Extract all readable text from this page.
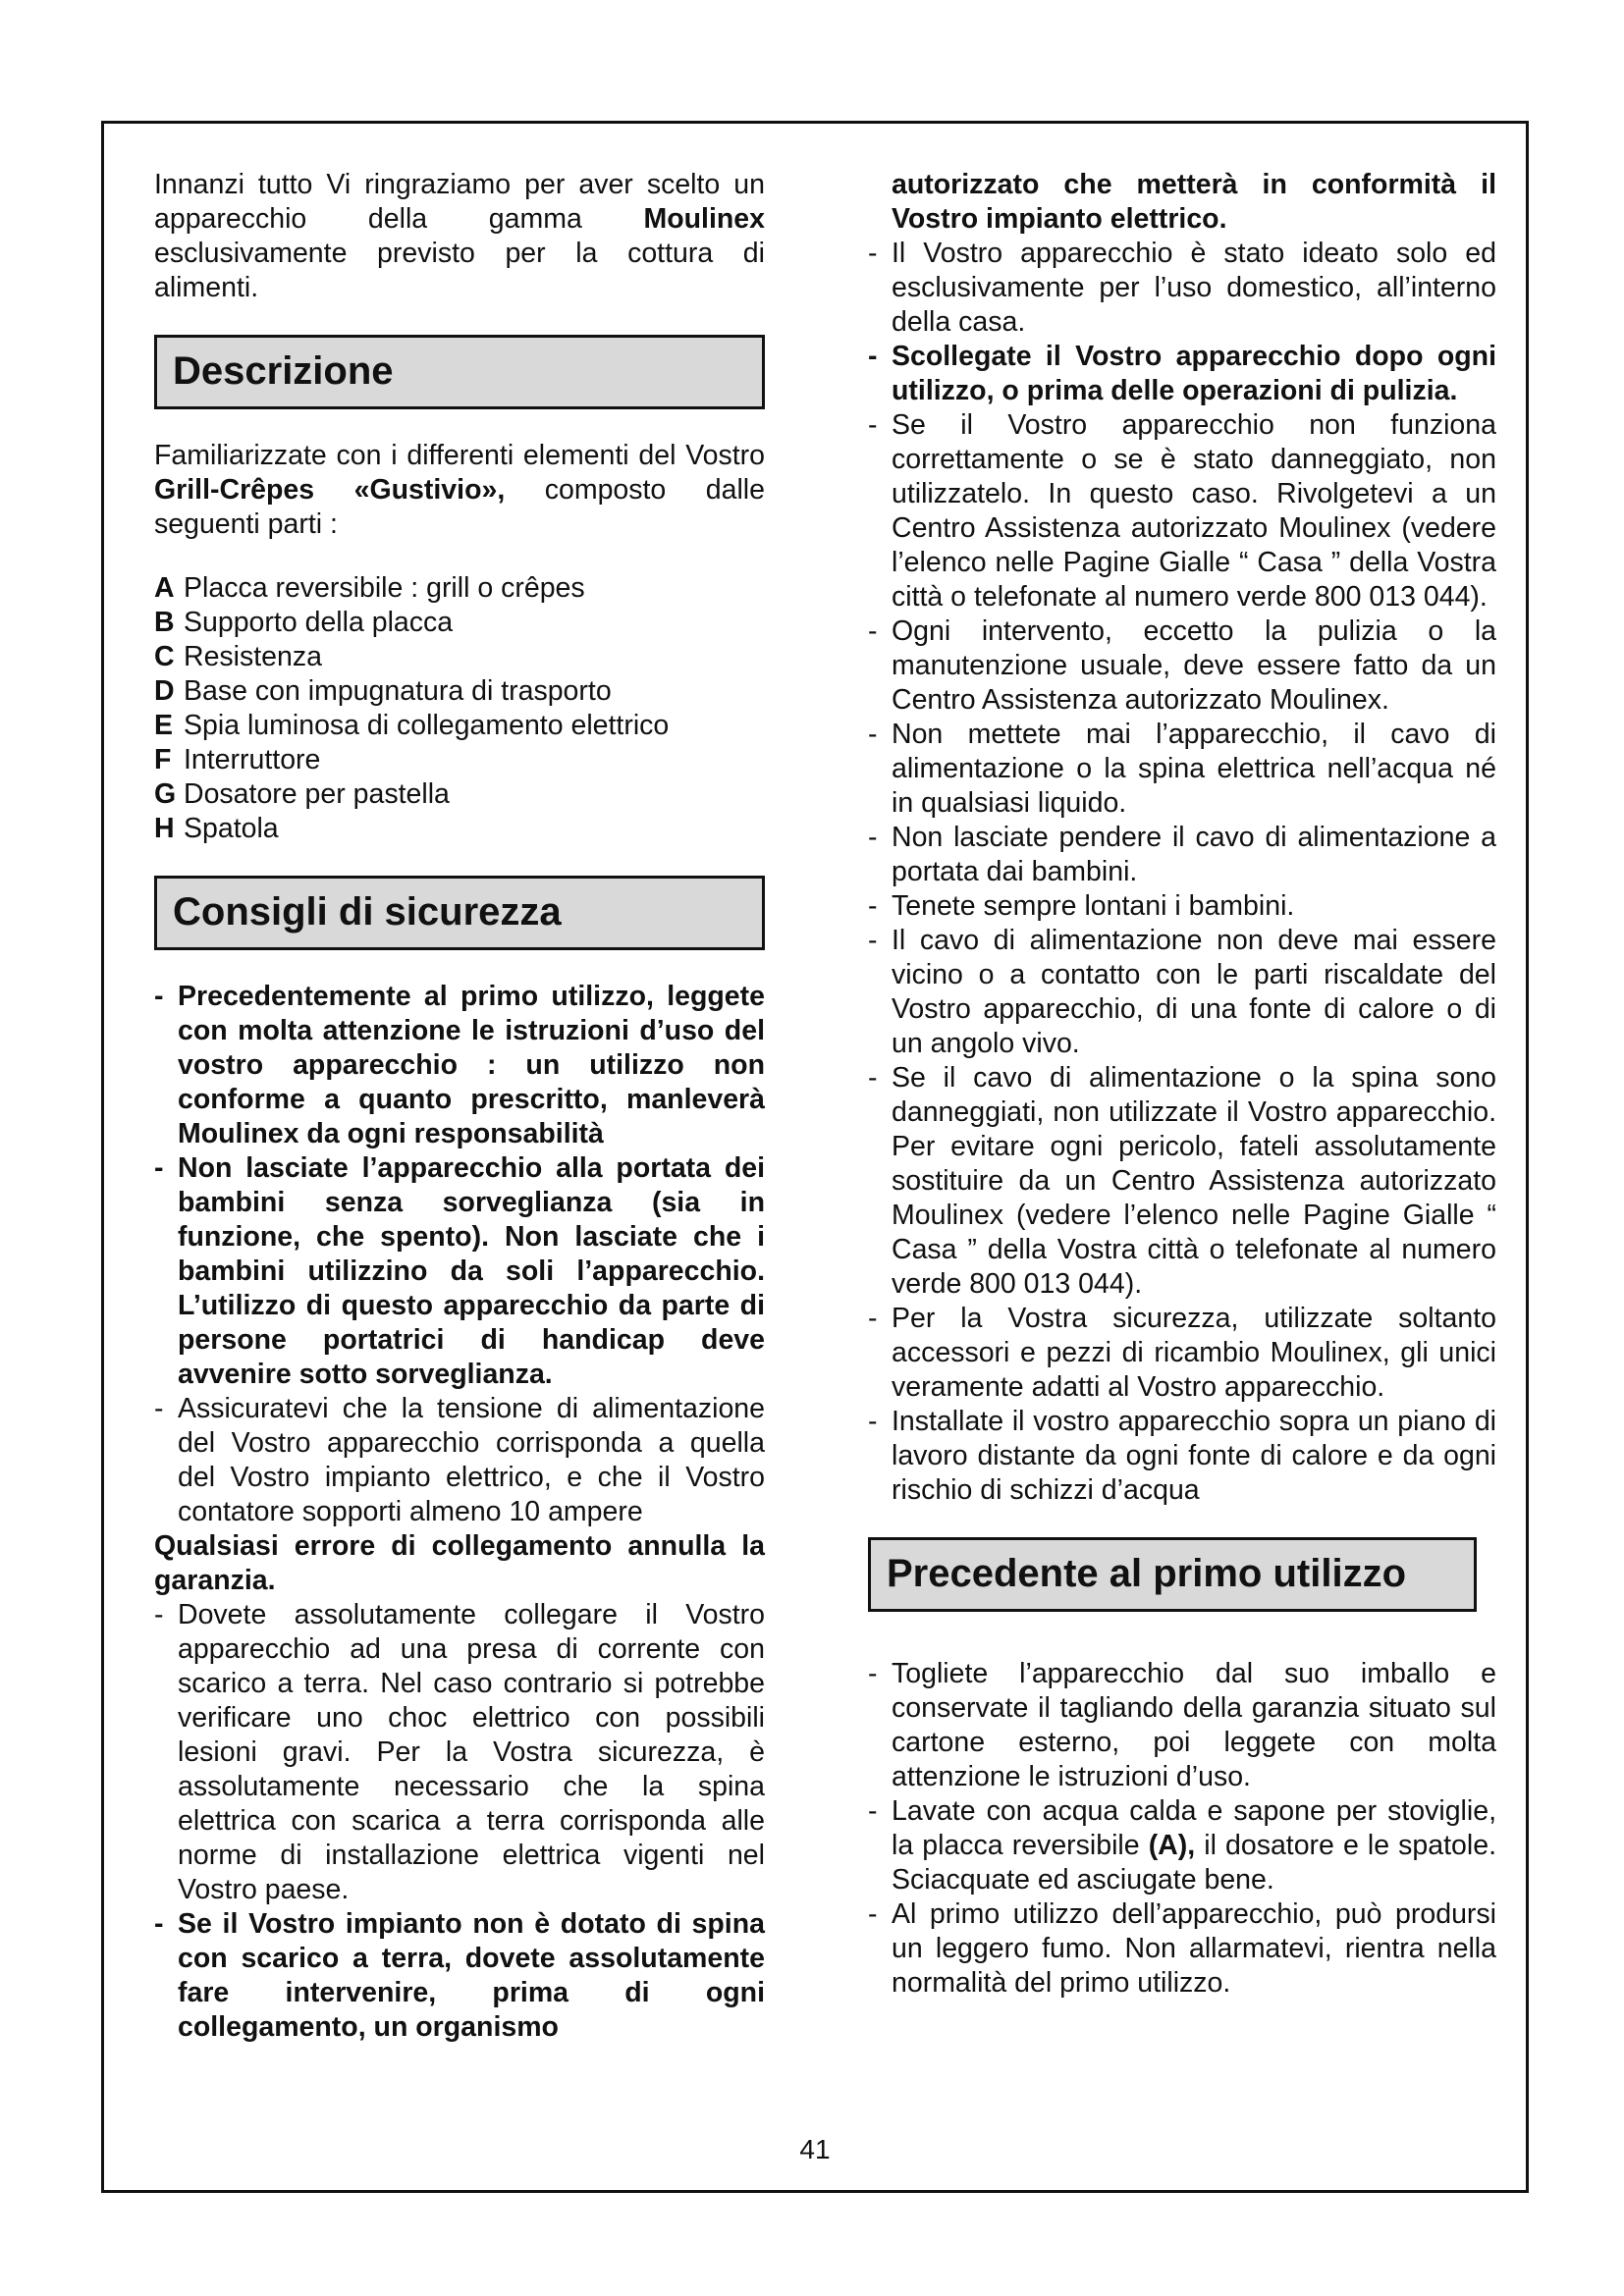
Innanzi tutto Vi ringraziamo per aver scelto un apparecchio della gamma Moulinex esclusivamente previsto per la cottura di alimenti.

Descrizione

Familiarizzate con i differenti elementi del Vostro Grill-Crêpes «Gustivio», composto dalle seguenti parti :

A Placca reversibile : grill o crêpes
B Supporto della placca
C Resistenza
D Base con impugnatura di trasporto
E Spia luminosa di collegamento elettrico
F Interruttore
G Dosatore per pastella
H Spatola
Consigli di sicurezza

- Precedentemente al primo utilizzo, leggete con molta attenzione le istruzioni d’uso del vostro apparecchio : un utilizzo non conforme a quanto prescritto, manleverà Moulinex da ogni responsabilità

- Non lasciate l’apparecchio alla portata dei bambini senza sorveglianza (sia in funzione, che spento). Non lasciate che i bambini utilizzino da soli l’apparecchio. L’utilizzo di questo apparecchio da parte di persone portatrici di handicap deve avvenire sotto sorveglianza.

- Assicuratevi che la tensione di alimentazione del Vostro apparecchio corrisponda a quella del Vostro impianto elettrico, e che il Vostro contatore sopporti almeno 10 ampere

Qualsiasi errore di collegamento annulla la garanzia.

- Dovete assolutamente collegare il Vostro apparecchio ad una presa di corrente con scarico a terra. Nel caso contrario si potrebbe verificare uno choc elettrico con possibili lesioni gravi. Per la Vostra sicurezza, è assolutamente necessario che la spina elettrica con scarica a terra corrisponda alle norme di installazione elettrica vigenti nel Vostro paese.

- Se il Vostro impianto non è dotato di spina con scarico a terra, dovete assolutamente fare intervenire, prima di ogni collegamento, un organismo

autorizzato che metterà in conformità il Vostro impianto elettrico.

- Il Vostro apparecchio è stato ideato solo ed esclusivamente per l’uso domestico, all’interno della casa.

- Scollegate il Vostro apparecchio dopo ogni utilizzo, o prima delle operazioni di pulizia.

- Se il Vostro apparecchio non funziona correttamente o se è stato danneggiato, non utilizzatelo. In questo caso. Rivolgetevi a un Centro Assistenza autorizzato Moulinex (vedere l’elenco nelle Pagine Gialle “ Casa ” della Vostra città o telefonate al numero verde 800 013 044).

- Ogni intervento, eccetto la pulizia o la manutenzione usuale, deve essere fatto da un Centro Assistenza autorizzato Moulinex.

- Non mettete mai l’apparecchio, il cavo di alimentazione o la spina elettrica nell’acqua né in qualsiasi liquido.

- Non lasciate pendere il cavo di alimentazione a portata dai bambini.

- Tenete sempre lontani i bambini.

- Il cavo di alimentazione non deve mai essere vicino o a contatto con le parti riscaldate del Vostro apparecchio, di una fonte di calore o di un angolo vivo.

- Se il cavo di alimentazione o la spina sono danneggiati, non utilizzate il Vostro apparecchio. Per evitare ogni pericolo, fateli assolutamente sostituire da un Centro Assistenza autorizzato Moulinex (vedere l’elenco nelle Pagine Gialle “ Casa ” della Vostra città o telefonate al numero verde 800 013 044).

- Per la Vostra sicurezza, utilizzate soltanto accessori e pezzi di ricambio Moulinex, gli unici veramente adatti al Vostro apparecchio.

- Installate il vostro apparecchio sopra un piano di lavoro distante da ogni fonte di calore e da ogni rischio di schizzi d’acqua

Precedente al primo utilizzo

- Togliete l’apparecchio dal suo imballo e conservate il tagliando della garanzia situato sul cartone esterno, poi leggete con molta attenzione le istruzioni d’uso.

- Lavate con acqua calda e sapone per stoviglie, la placca reversibile (A), il dosatore e le spatole. Sciacquate ed asciugate bene.

- Al primo utilizzo dell’apparecchio, può prodursi un leggero fumo. Non allarmatevi, rientra nella normalità del primo utilizzo.

41
